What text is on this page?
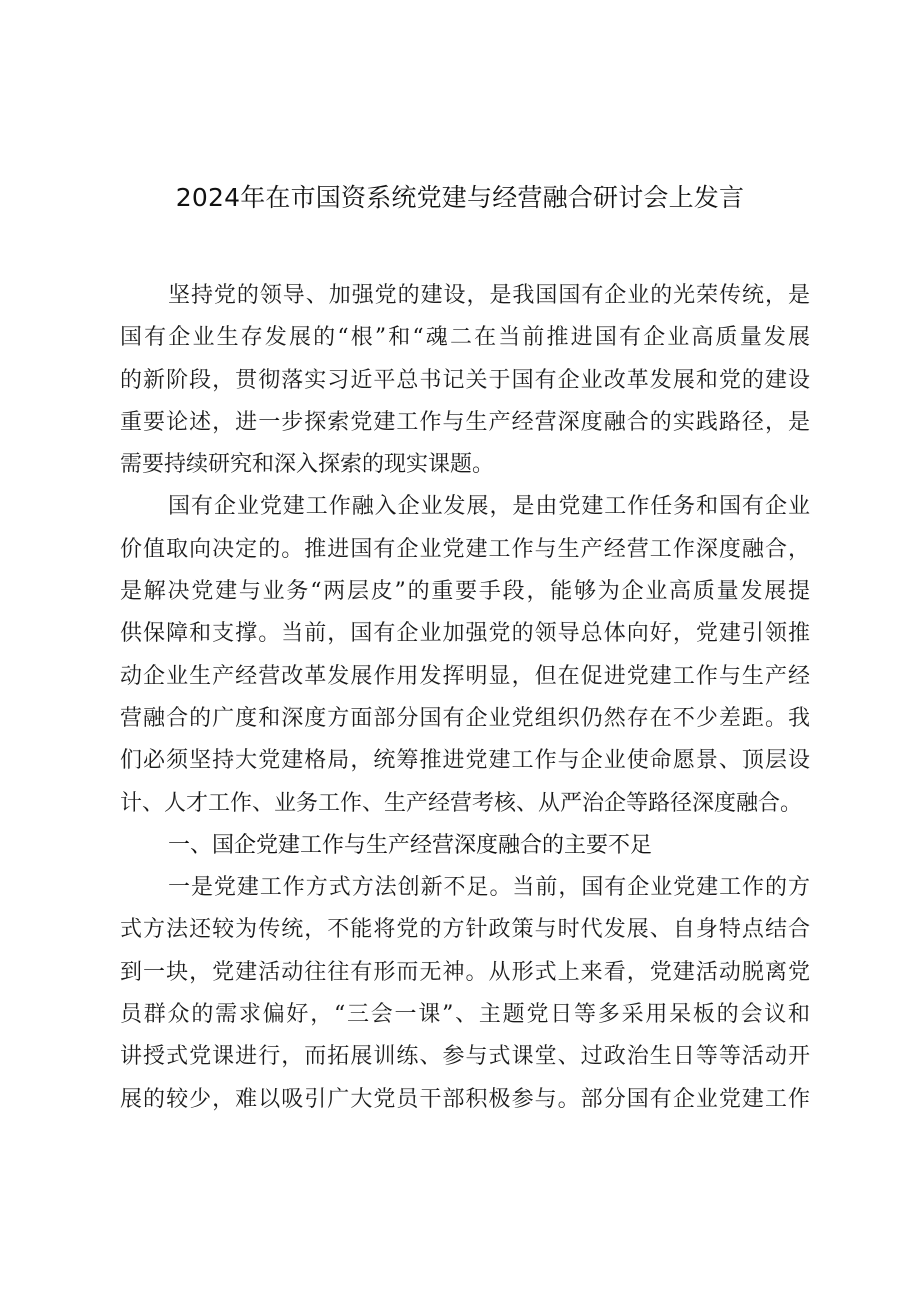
2024年在市国资系统党建与经营融合研讨会上发言
坚持党的领导、加强党的建设，是我国国有企业的光荣传统，是
国有企业生存发展的“根”和“魂二在当前推进国有企业高质量发展
的新阶段，贯彻落实习近平总书记关于国有企业改革发展和党的建设
重要论述，进一步探索党建工作与生产经营深度融合的实践路径，是
需要持续研究和深入探索的现实课题。
国有企业党建工作融入企业发展，是由党建工作任务和国有企业
价值取向决定的。推进国有企业党建工作与生产经营工作深度融合，
是解决党建与业务“两层皮”的重要手段，能够为企业高质量发展提
供保障和支撑。当前，国有企业加强党的领导总体向好，党建引领推
动企业生产经营改革发展作用发挥明显，但在促进党建工作与生产经
营融合的广度和深度方面部分国有企业党组织仍然存在不少差距。我
们必须坚持大党建格局，统筹推进党建工作与企业使命愿景、顶层设
计、人才工作、业务工作、生产经营考核、从严治企等路径深度融合。
一、国企党建工作与生产经营深度融合的主要不足
一是党建工作方式方法创新不足。当前，国有企业党建工作的方
式方法还较为传统，不能将党的方针政策与时代发展、自身特点结合
到一块，党建活动往往有形而无神。从形式上来看，党建活动脱离党
员群众的需求偏好，“三会一课”、主题党日等多采用呆板的会议和
讲授式党课进行，而拓展训练、参与式课堂、过政治生日等等活动开
展的较少，难以吸引广大党员干部积极参与。部分国有企业党建工作
